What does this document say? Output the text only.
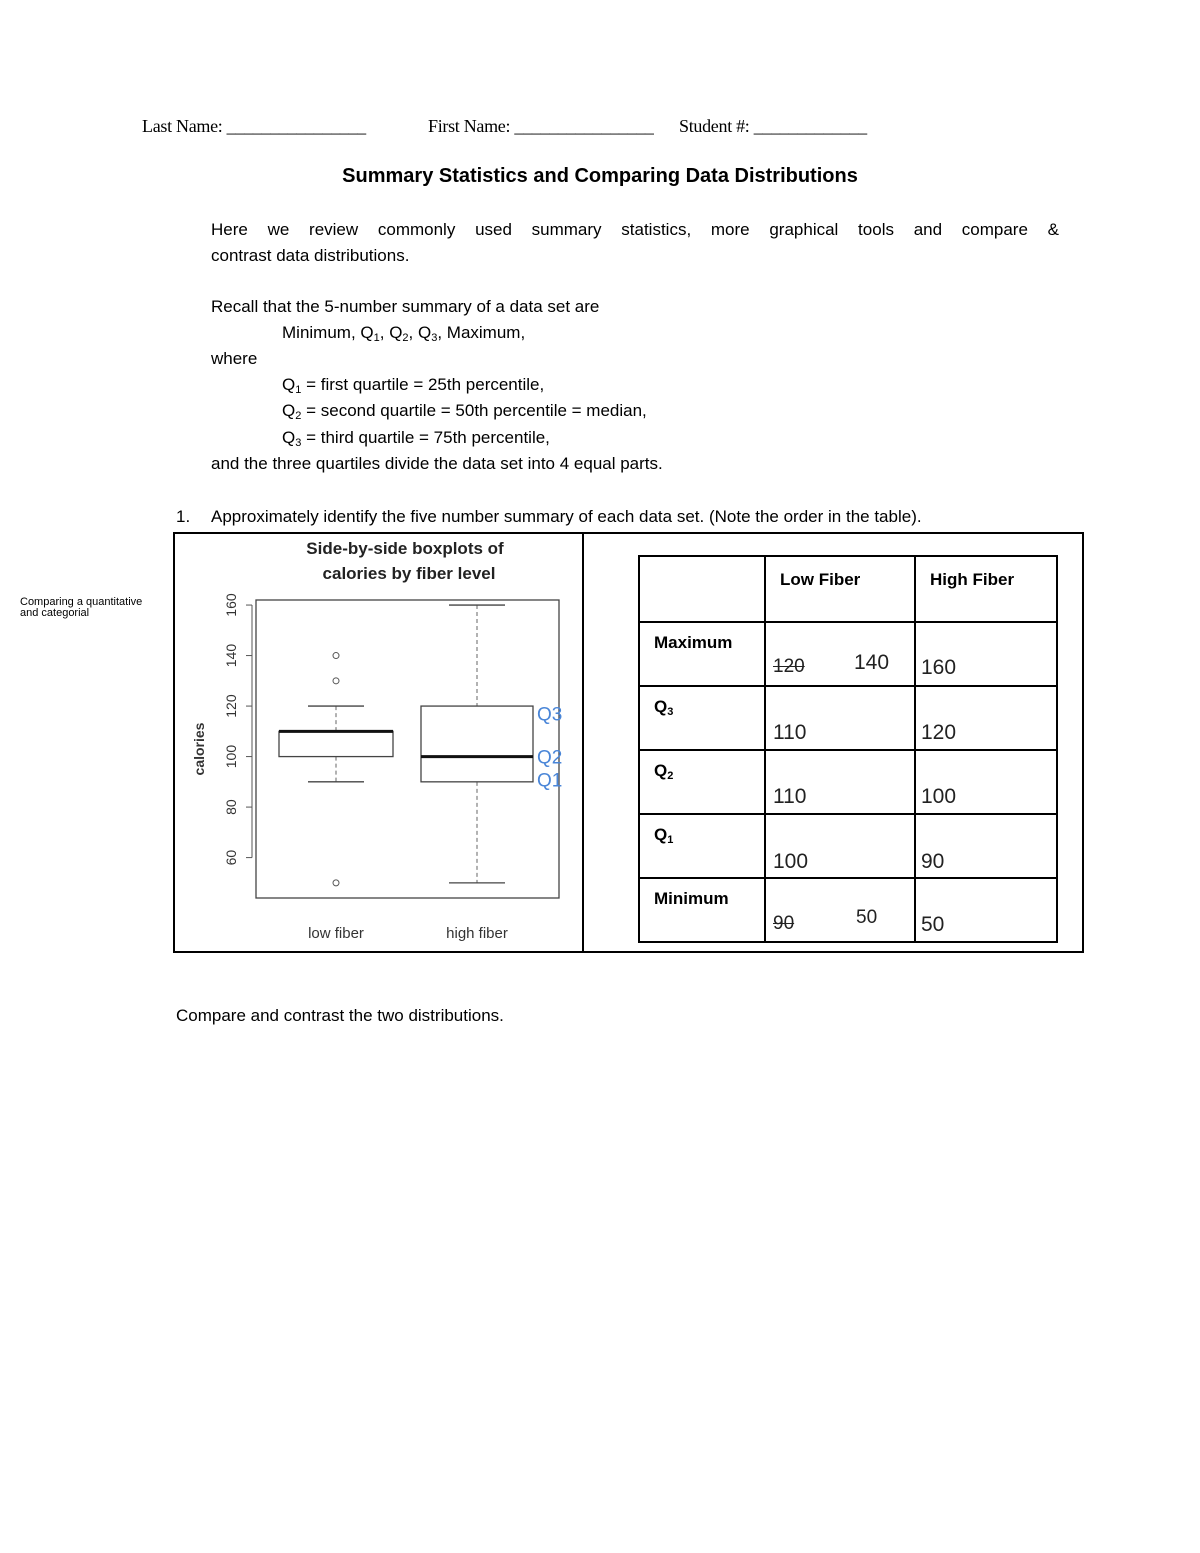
Last Name: ________________	First Name: ________________ Student #: _____________
Summary Statistics and Comparing Data Distributions
Here we review commonly used summary statistics, more graphical tools and compare &
contrast data distributions.
Recall that the 5-number summary of a data set are
Minimum, $Q_1$, $Q_2$, $Q_3$, Maximum,
where
$Q_1$ = first quartile = 25th percentile,
$Q_2$ = second quartile = 50th percentile = median,
$Q_3$ = third quartile = 75th percentile,
and the three quartiles divide the data set into 4 equal parts.
1. Approximately identify the five number summary of each data set. (Note the order in the table).
Comparing a quantitative
and categorial
Side-by-side boxplots of
calories by fiber level
calories
60
80
100
120
140
160
Q3
Q2
Q1
low fiber	high fiber

	Low Fiber	High Fiber

Maximum	120 140	160

$Q_3$	110	120

$Q_2$	110	100

$Q_1$	100	90

Minimum	90 50	50
Compare and contrast the two distributions.
